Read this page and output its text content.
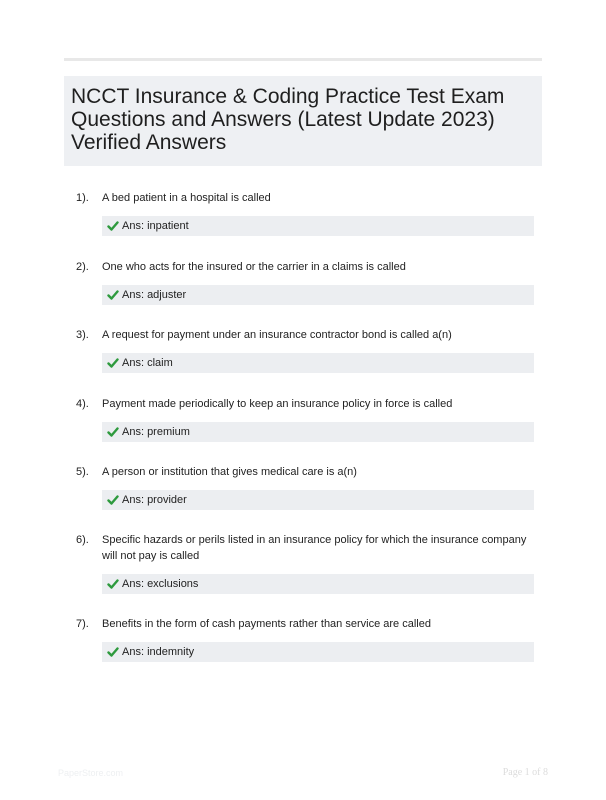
NCCT Insurance & Coding Practice Test Exam
Questions and Answers (Latest Update 2023)
Verified Answers
1). A bed patient in a hospital is called
Ans: inpatient
2). One who acts for the insured or the carrier in a claims is called
Ans: adjuster
3). A request for payment under an insurance contractor bond is called a(n)
Ans: claim
4). Payment made periodically to keep an insurance policy in force is called
Ans: premium
5). A person or institution that gives medical care is a(n)
Ans: provider
6). Specific hazards or perils listed in an insurance policy for which the insurance company will not pay is called
Ans: exclusions
7). Benefits in the form of cash payments rather than service are called
Ans: indemnity
PaperStore.com	Page 1 of 8
